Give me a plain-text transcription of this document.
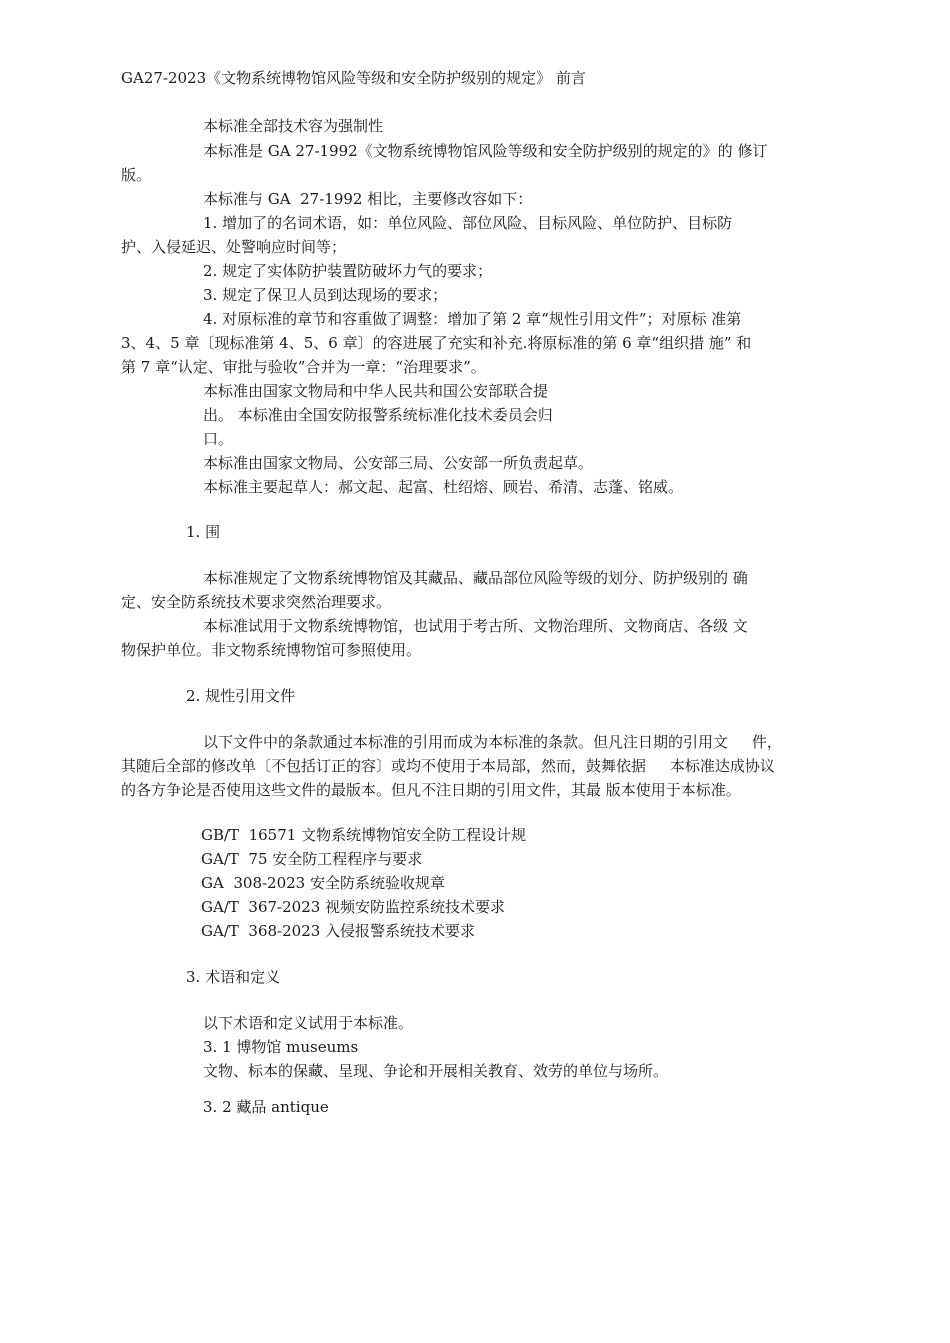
GA27-2023《文物系统博物馆风险等级和安全防护级别的规定》 前言

本标准全部技术容为强制性

本标准是 GA 27-1992《文物系统博物馆风险等级和安全防护级别的规定的》的 修订

版。

本标准与 GA  27-1992 相比，主要修改容如下：

1. 增加了的名词术语，如：单位风险、部位风险、目标风险、单位防护、目标防

护、入侵延迟、处警响应时间等；

2. 规定了实体防护装置防破坏力气的要求；

3. 规定了保卫人员到达现场的要求；

4. 对原标准的章节和容重做了调整：增加了第 2 章“规性引用文件”；对原标 准第

3、4、5 章〔现标准第 4、5、6 章〕的容进展了充实和补充.将原标准的第 6 章“组织措 施” 和

第 7 章“认定、审批与验收”合并为一章：“治理要求”。

本标准由国家文物局和中华人民共和国公安部联合提

出。 本标准由全国安防报警系统标准化技术委员会归

口。

本标准由国家文物局、公安部三局、公安部一所负责起草。

本标准主要起草人：郝文起、起富、杜绍熔、顾岩、希清、志蓬、铭威。

1. 围

本标准规定了文物系统博物馆及其藏品、藏品部位风险等级的划分、防护级别的 确

定、安全防系统技术要求突然治理要求。

本标准试用于文物系统博物馆，也试用于考古所、文物治理所、文物商店、各级 文

物保护单位。非文物系统博物馆可参照使用。

2. 规性引用文件

以下文件中的条款通过本标准的引用而成为本标准的条款。但凡注日期的引用文     件，

其随后全部的修改单〔不包括订正的容〕或均不使用于本局部，然而，鼓舞依据     本标准达成协议

的各方争论是否使用这些文件的最版本。但凡不注日期的引用文件，其最 版本使用于本标准。

GB/T  16571 文物系统博物馆安全防工程设计规

GA/T  75 安全防工程程序与要求

GA  308-2023 安全防系统验收规章

GA/T  367-2023 视频安防监控系统技术要求

GA/T  368-2023 入侵报警系统技术要求

3. 术语和定义

以下术语和定义试用于本标准。

3. 1 博物馆 museums

文物、标本的保藏、呈现、争论和开展相关教育、效劳的单位与场所。

3. 2 藏品 antique
